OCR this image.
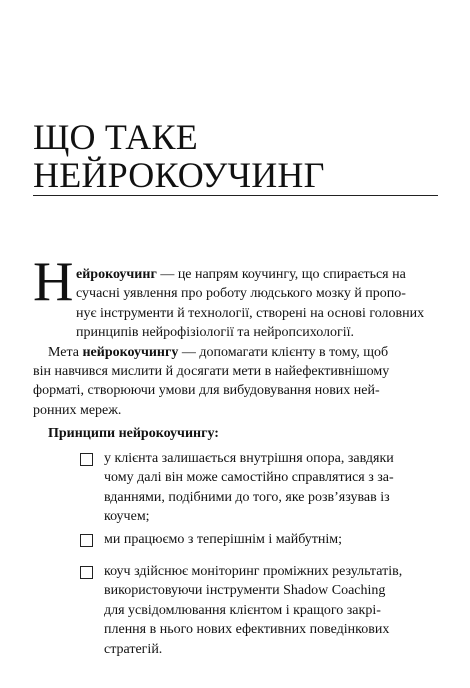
ЩО ТАКЕ
НЕЙРОКОУЧИНГ
Н ейрокоучинг — це напрям коучингу, що спирається на
сучасні уявлення про роботу людського мозку й пропо-
нує інструменти й технології, створені на основі головних
принципів нейрофізіології та нейропсихології.
Мета нейрокоучингу — допомагати клієнту в тому, щоб
він навчився мислити й досягати мети в найефективнішому
форматі, створюючи умови для вибудовування нових ней-
ронних мереж.
Принципи нейрокоучингу:
у клієнта залишається внутрішня опора, завдяки
чому далі він може самостійно справлятися з за-
вданнями, подібними до того, яке розв’язував із
коучем;
ми працюємо з теперішнім і майбутнім;
коуч здійснює моніторинг проміжних результатів,
використовуючи інструменти Shadow Coaching
для усвідомлювання клієнтом і кращого закрі-
плення в нього нових ефективних поведінкових
стратегій.
